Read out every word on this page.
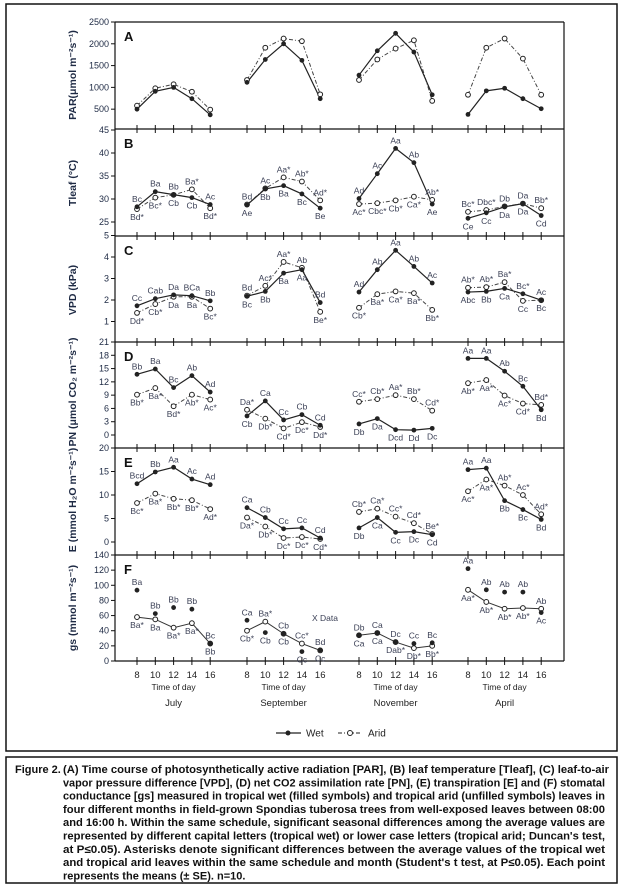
2500
2000
1500
1000
500
A
PAR(μmol m⁻²s⁻¹)
45
40
35
30
25
B
Tleaf (°C)	Bc
Bd*
Ba
Bc*
Bb
Cb
Ba*
Cb
Ac
Bd*
Bd
Ae
Ac
Bb
Aa*
Ba
Ab*
Bc
Ad*
Be
Ad
Ac*
Ac
Cbc*
Aa
Cb*
Ab
Ca*
Ab*
Ae
Bc*
Ce
Dbc*
Cc
Db
Da
Da
Da
Bb*
Cd
5
4
3
2
1
C
VPD (kPa)	Cc
Dd*
Cab
Cb*
Da
Da
BCa
Ba
Bb
Bc*
Bd
Bc
Ac*
Bb
Aa*
Ba
Ab
Aa
Bd
Be*
Ad
Cb*
Ab
Ba*
Aa
Ca*
Ab
Ba*
Ac
Bb*
Ab*
Abc
Ab*
Bb
Ba*
Ca
Bc*
Cc
Ac
Bc
21
18
15
12
9
6
3
0
D
PN (μmol CO₂ m⁻²s⁻¹)	Bb
Bb*
Ba
Ba*
Bc
Bd*
Ab
Ab*
Ad
Ac*
Da*
Cb
Ca
Db*
Cc
Cd*
Cb
Dc*
Cd
Dd*
Cc*
Db
Cb*
Da
Aa*
Dcd
Bb*
Dd
Cd*
Dc
Aa
Ab*
Aa
Aa*
Ab
Ac*
Bc
Cd*
Bd*
Bd
20
15
10
5
0
E
E (mmol H₂O m⁻²s⁻¹)	Bcd
Bc*
Bb
Ba*
Aa
Bb*
Ac
Bb*
Ad
Ad*
Ca
Da*
Cb
Db*
Cc
Dc*
Cc
Dc*
Cd
Cd*
Cb*
Db
Ca*
Ca
Cc*
Cc
Cd*
Dc
Be*
Cd
Aa
Ac*
Aa
Aa*
Ab*
Bb
Ac*
Bc
Ad*
Bd
140
120
100
80
60
40
20
0
F
gs (mmol m⁻²s⁻¹)	Ba
Ba*
Bb
Ba
Bb
Ba*
Bb
Ba* Bc
Bb
Ca
Cb*
Ba*
Cb
Cb
Cb
Cc*
Cc
Bd
Cc
Db
Ca
Ca
Ca
Dc
Dab*
Cc
Db*
Bc
Bb*
Aa
Aa*
Ab
Ab*
Ab
Ab*
Ab
Ab*
Ab
Ac
X Data
8 10 12 14 16
Time of day
July
8 10 12 14 16
Time of day
September
8 10 12 14 16
Time of day
November
8 10 12 14 16
Time of day
April
Wet	Arid
Figure 2. (A) Time course of photosynthetically active radiation [PAR], (B) leaf temperature [Tleaf], (C) leaf-to-air
vapor pressure difference [VPD], (D) net CO2 assimilation rate [PN], (E) transpiration [E] and (F) stomatal
conductance [gs] measured in tropical wet (filled symbols) and tropical arid (unfilled symbols) leaves in
four different months in field-grown Spondias tuberosa trees from well-exposed leaves between 08:00
and 16:00 h. Within the same schedule, significant seasonal differences among the average values are
represented by different capital letters (tropical wet) or lower case letters (tropical arid; Duncan's test,
at P≤0.05). Asterisks denote significant differences between the average values of the tropical wet
and tropical arid leaves within the same schedule and month (Student's t test, at P≤0.05). Each point
represents the means (± SE). n=10.
